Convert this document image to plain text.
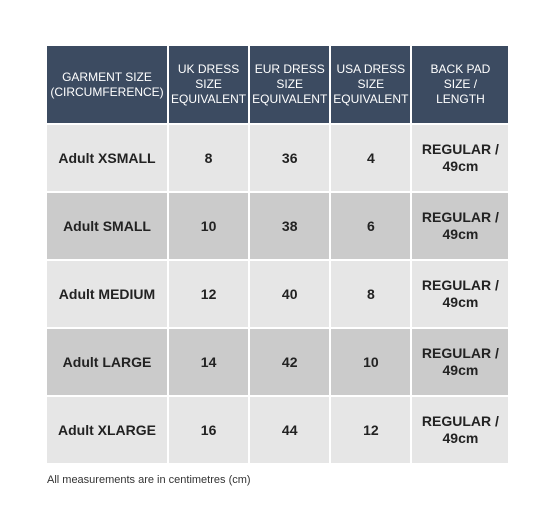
GARMENT SIZE
(CIRCUMFERENCE)	UK DRESS
SIZE
EQUIVALENT	EUR DRESS
SIZE
EQUIVALENT	USA DRESS
SIZE
EQUIVALENT	BACK PAD
SIZE /
LENGTH
Adult XSMALL	8	36	4	REGULAR /
49cm
Adult SMALL	10	38	6	REGULAR /
49cm
Adult MEDIUM	12	40	8	REGULAR /
49cm
Adult LARGE	14	42	10	REGULAR /
49cm
Adult XLARGE	16	44	12	REGULAR /
49cm
All measurements are in centimetres (cm)
